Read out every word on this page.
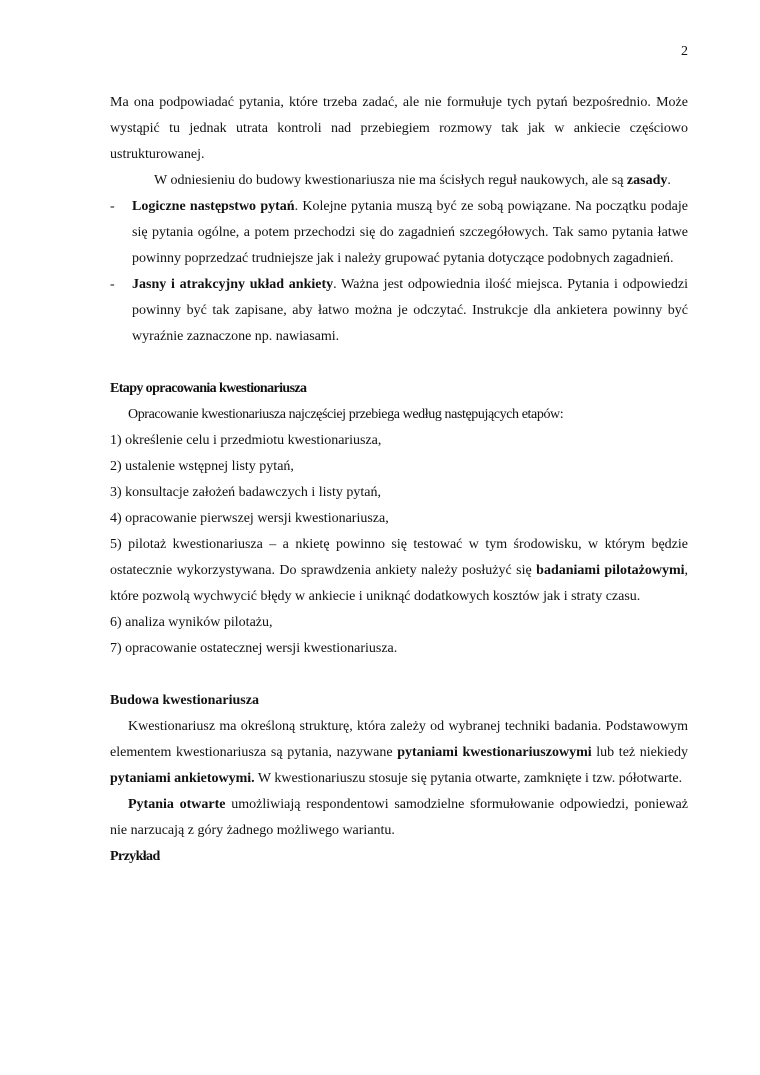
2

Ma ona podpowiadać pytania, które trzeba zadać, ale nie formułuje tych pytań bezpośrednio. Może wystąpić tu jednak utrata kontroli nad przebiegiem rozmowy tak jak w ankiecie częściowo ustrukturowanej.

W odniesieniu do budowy kwestionariusza nie ma ścisłych reguł naukowych, ale są zasady.

-	Logiczne następstwo pytań. Kolejne pytania muszą być ze sobą powiązane. Na początku podaje się pytania ogólne, a potem przechodzi się do zagadnień szczegółowych. Tak samo pytania łatwe powinny poprzedzać trudniejsze jak i należy grupować pytania dotyczące podobnych zagadnień.
-	Jasny i atrakcyjny układ ankiety. Ważna jest odpowiednia ilość miejsca. Pytania i odpowiedzi powinny być tak zapisane, aby łatwo można je odczytać. Instrukcje dla ankietera powinny być wyraźnie zaznaczone np. nawiasami.

Etapy opracowania kwestionariusza

Opracowanie kwestionariusza najczęściej przebiega według następujących etapów:

1) określenie celu i przedmiotu kwestionariusza,

2) ustalenie wstępnej listy pytań,

3) konsultacje założeń badawczych i listy pytań,

4) opracowanie pierwszej wersji kwestionariusza,

5) pilotaż kwestionariusza – a nkietę powinno się testować w tym środowisku, w którym będzie ostatecznie wykorzystywana. Do sprawdzenia ankiety należy posłużyć się badaniami pilotażowymi, które pozwolą wychwycić błędy w ankiecie i uniknąć dodatkowych kosztów jak i straty czasu.

6) analiza wyników pilotażu,

7) opracowanie ostatecznej wersji kwestionariusza.

Budowa kwestionariusza

Kwestionariusz ma określoną strukturę, która zależy od wybranej techniki badania. Podstawowym elementem kwestionariusza są pytania, nazywane pytaniami kwestionariuszowymi lub też niekiedy pytaniami ankietowymi. W kwestionariuszu stosuje się pytania otwarte, zamknięte i tzw. półotwarte.

Pytania otwarte umożliwiają respondentowi samodzielne sformułowanie odpowiedzi, ponieważ nie narzucają z góry żadnego możliwego wariantu.

Przykład
